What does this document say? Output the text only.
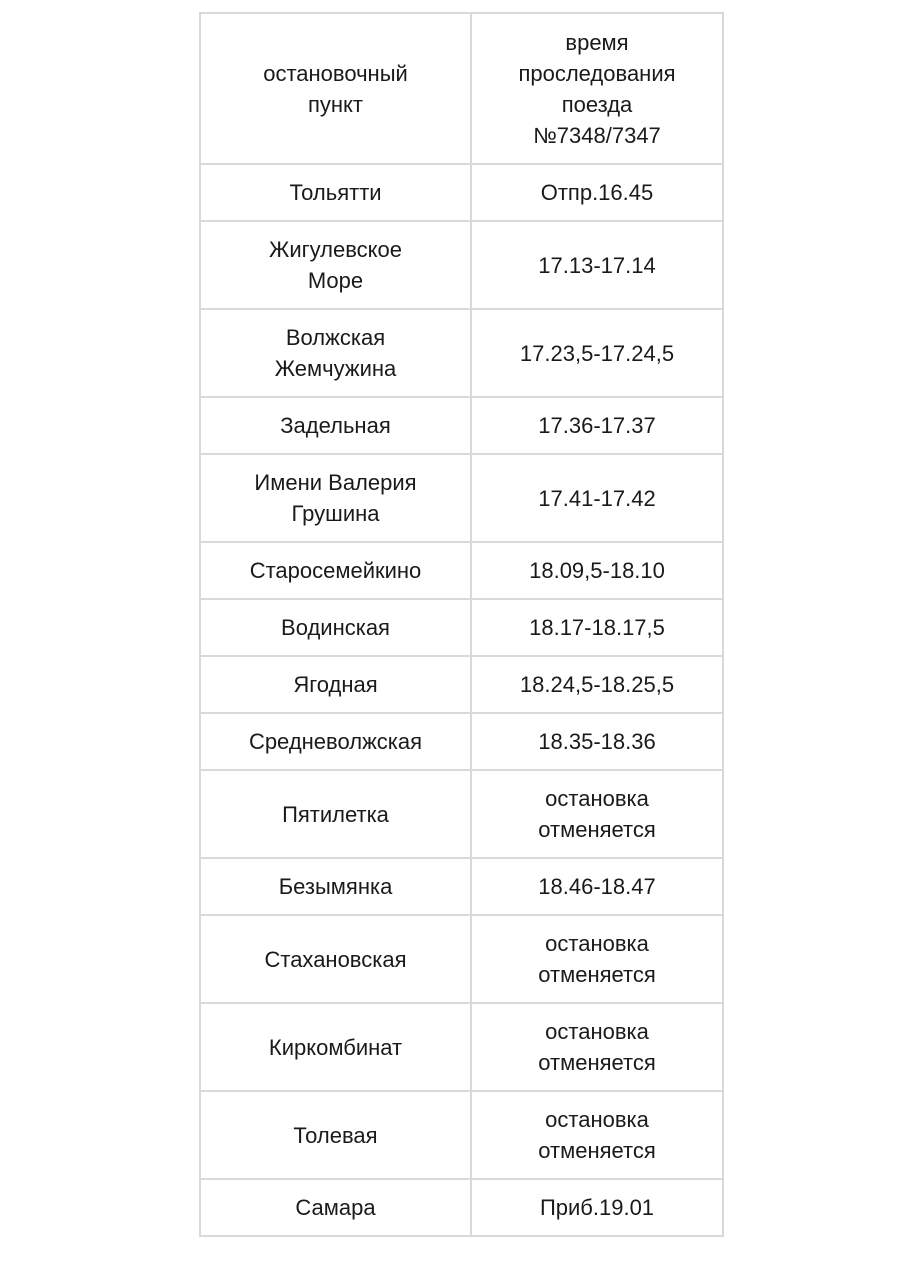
остановочный
пункт	время
проследования
поезда
№7348/7347

Тольятти	Отпр.16.45

Жигулевское
Море	17.13-17.14

Волжская
Жемчужина	17.23,5-17.24,5

Задельная	17.36-17.37

Имени Валерия
Грушина	17.41-17.42

Старосемейкино	18.09,5-18.10

Водинская	18.17-18.17,5

Ягодная	18.24,5-18.25,5

Средневолжская	18.35-18.36

Пятилетка	остановка
отменяется

Безымянка	18.46-18.47

Стахановская	остановка
отменяется

Киркомбинат	остановка
отменяется

Толевая	остановка
отменяется

Самара	Приб.19.01
